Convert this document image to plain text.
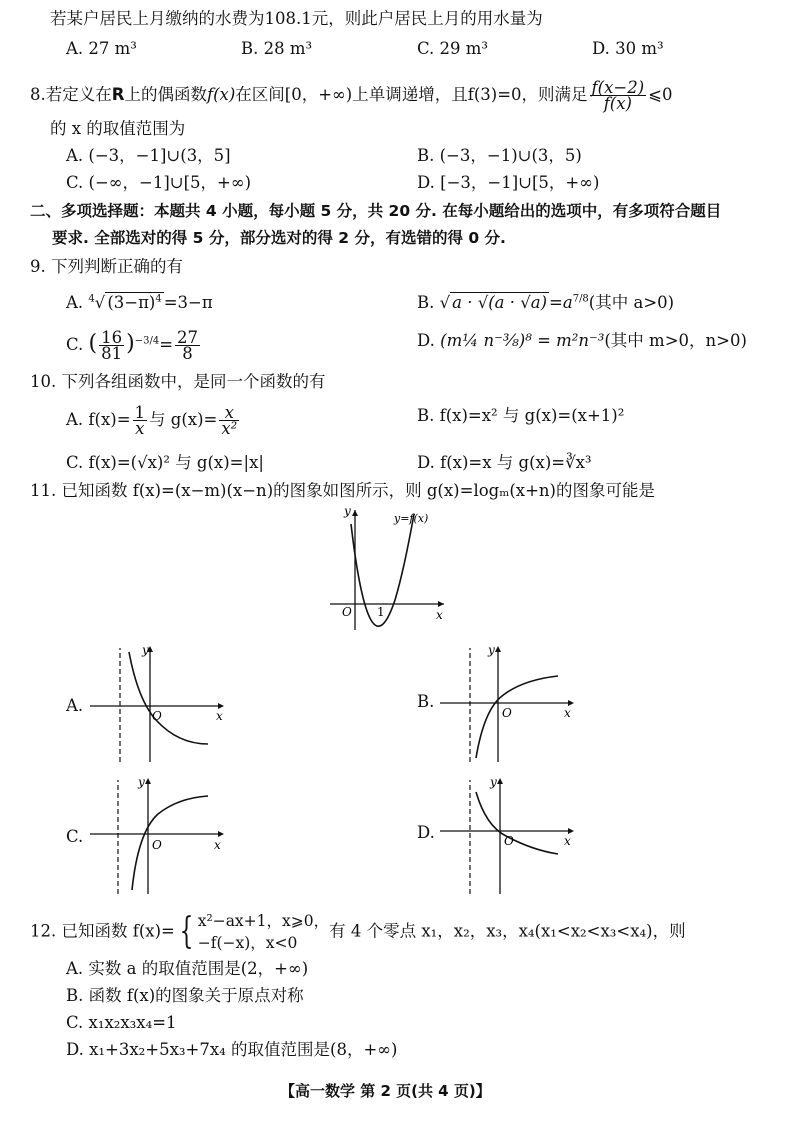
若某户居民上月缴纳的水费为108.1元，则此户居民上月的用水量为
A. 27 m³	B. 28 m³	C. 29 m³	D. 30 m³
8.若定义在R上的偶函数f(x)在区间[0，+∞)上单调递增，且f(3)=0，则满足 $\frac{f(x-2)}{f(x)}$ ⩽0
的 x 的取值范围为
A. (−3，−1]∪(3，5]	B. (−3，−1)∪(3，5)
C. (−∞，−1]∪[5，+∞)	D. [−3，−1]∪[5，+∞)
二、多项选择题：本题共 4 小题，每小题 5 分，共 20 分. 在每小题给出的选项中，有多项符合题目
要求. 全部选对的得 5 分，部分选对的得 2 分，有选错的得 0 分.
9. 下列判断正确的有
A. $^4$√ $(3-\pi)^4 =3-\pi$	B. √ $a \cdot √(a \cdot √a) =a^{7/8}$(其中 a>0)
C. ( $\frac{16}{81} )^{-3/4}= \frac{27}{8}$	D. (m¼ n⁻⅜)⁸ = m²n⁻³(其中 m>0，n>0)
10. 下列各组函数中，是同一个函数的有
A. $f(x)= \frac{1}{x}$ 与 $g(x)= \frac{x}{\text{x²}}$	B. f(x)=x² 与 g(x)=(x+1)²
C. f(x)=(√x)² 与 g(x)=|x|	D. f(x)=x 与 g(x)=∛x³
11. 已知函数 f(x)=(x−m)(x−n)的图象如图所示，则 g(x)=logₘ(x+n)的图象可能是
y
x
O 1
y=f(x)
A.
y
x
O
B.
y
x
O
C.
y
x
O
D.
y
x
O
12. 已知函数 f(x)= { x²−ax+1，x⩾0，
−f(−x)，x<0
有 4 个零点 x₁，x₂，x₃，x₄(x₁<x₂<x₃<x₄)，则
A. 实数 a 的取值范围是(2，+∞)
B. 函数 f(x)的图象关于原点对称
C. x₁x₂x₃x₄=1
D. x₁+3x₂+5x₃+7x₄ 的取值范围是(8，+∞)
【高一数学 第 2 页(共 4 页)】
